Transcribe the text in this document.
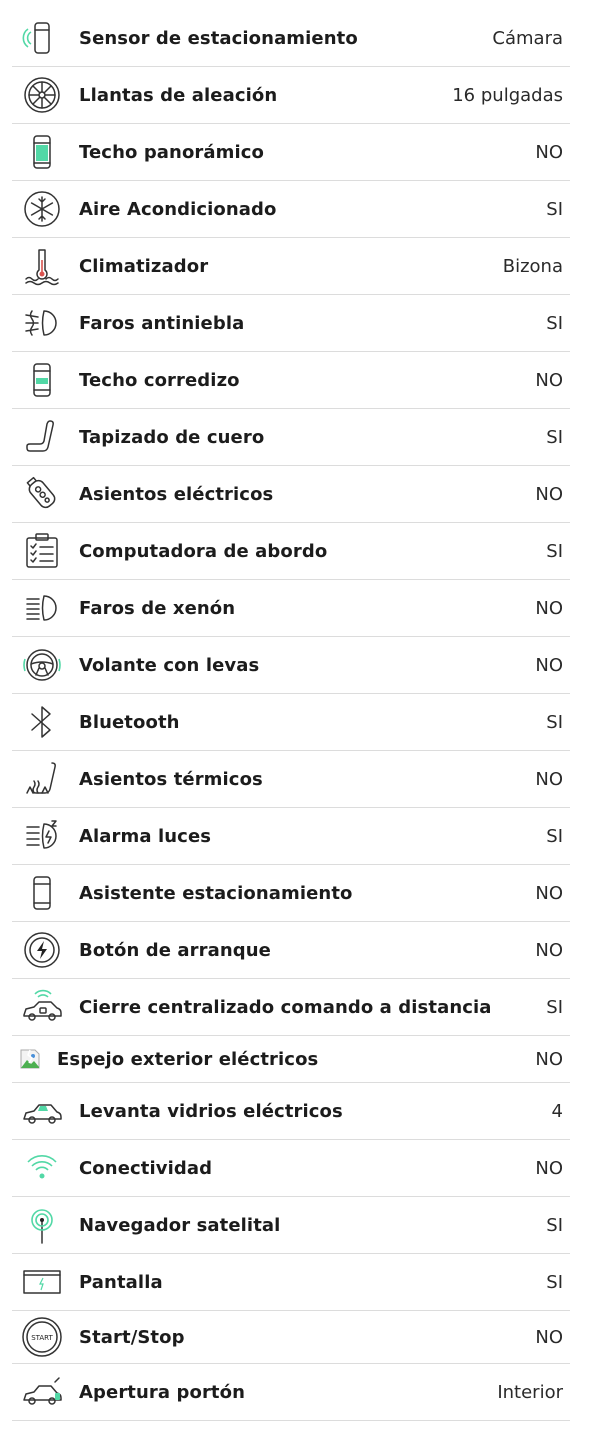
Sensor de estacionamiento	Cámara
Llantas de aleación	16 pulgadas
Techo panorámico	NO
Aire Acondicionado	SI
Climatizador	Bizona
Faros antiniebla	SI
Techo corredizo	NO
Tapizado de cuero	SI
Asientos eléctricos	NO
Computadora de abordo	SI
Faros de xenón	NO
Volante con levas	NO
Bluetooth	SI
Asientos térmicos	NO
Alarma luces	SI
Asistente estacionamiento	NO
Botón de arranque	NO
Cierre centralizado comando a distancia	SI
Espejo exterior eléctricos	NO
Levanta vidrios eléctricos	4
Conectividad	NO
Navegador satelital	SI
Pantalla	SI
START Start/Stop	NO
Apertura portón	Interior
